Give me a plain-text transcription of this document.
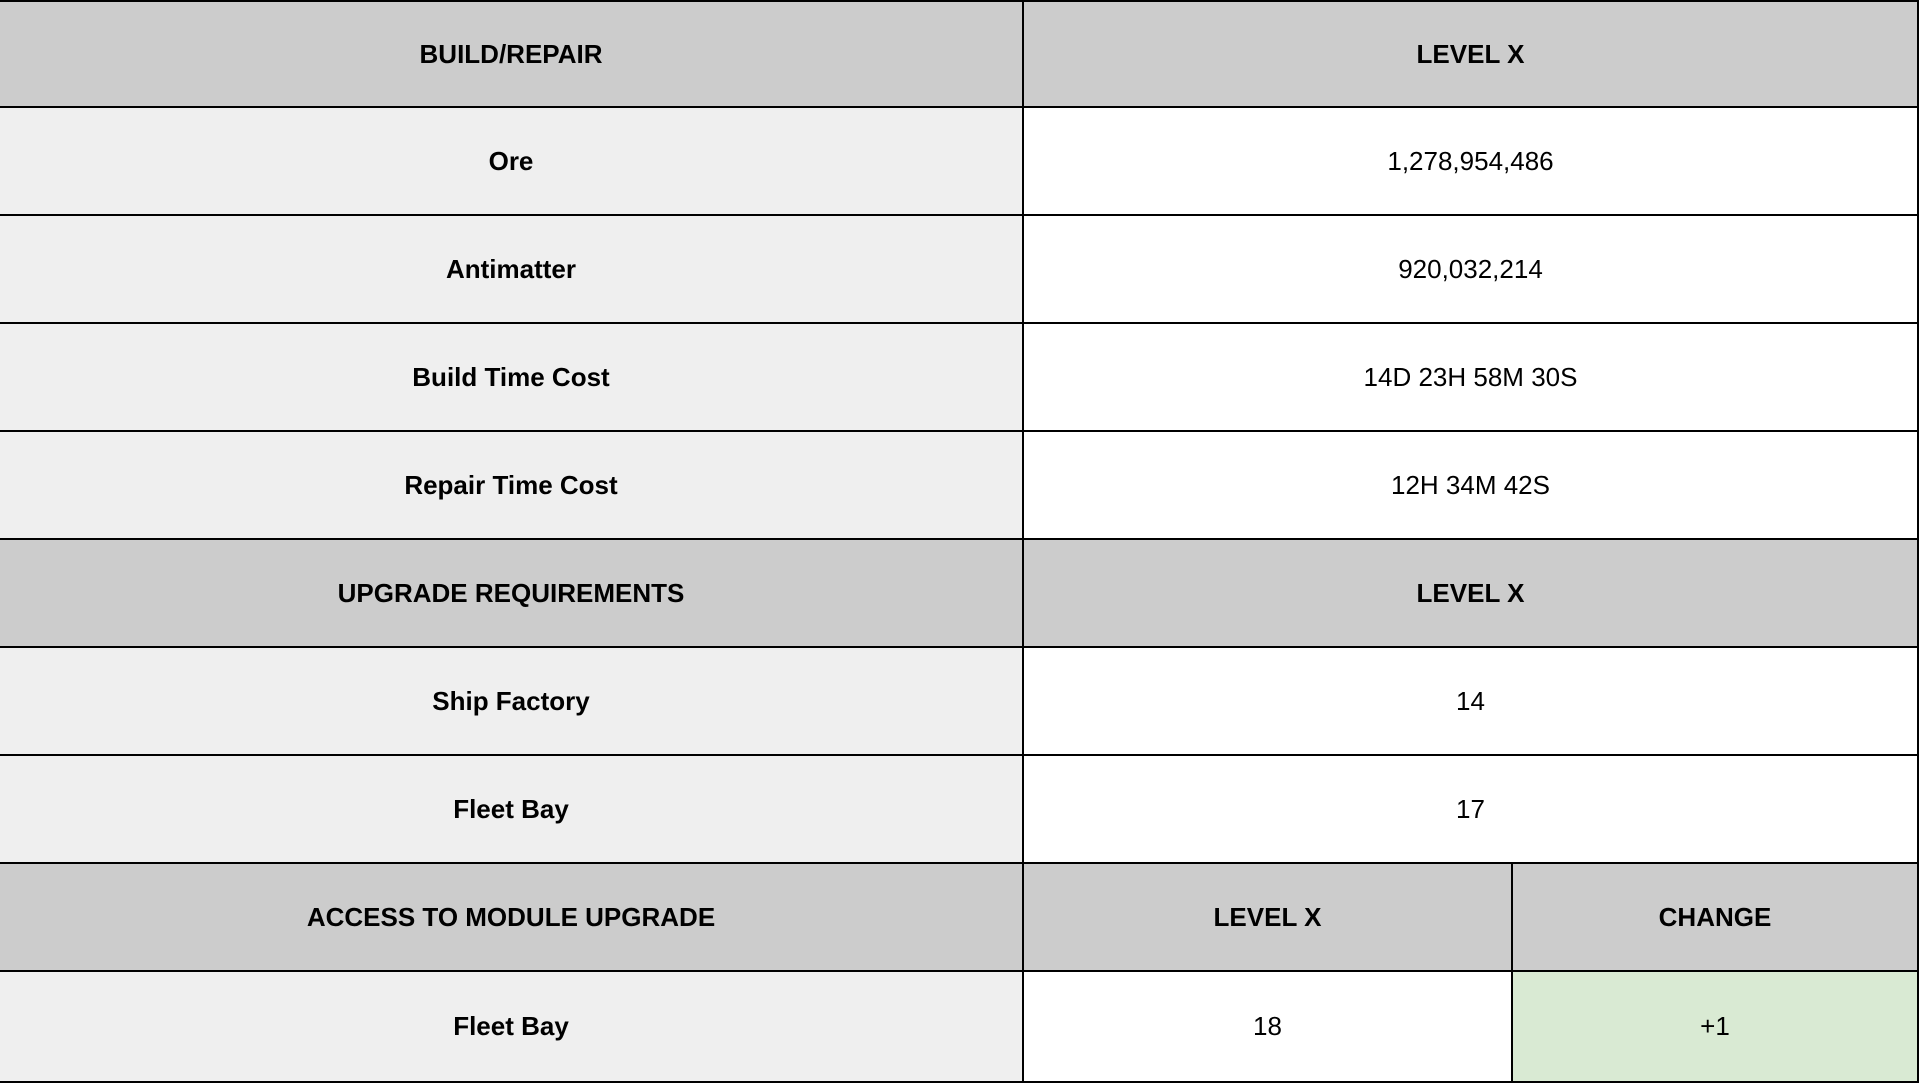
BUILD/REPAIR	LEVEL X
Ore	1,278,954,486
Antimatter	920,032,214
Build Time Cost	14D 23H 58M 30S
Repair Time Cost	12H 34M 42S
UPGRADE REQUIREMENTS	LEVEL X
Ship Factory	14
Fleet Bay	17
ACCESS TO MODULE UPGRADE	LEVEL X	CHANGE
Fleet Bay	18	+1
